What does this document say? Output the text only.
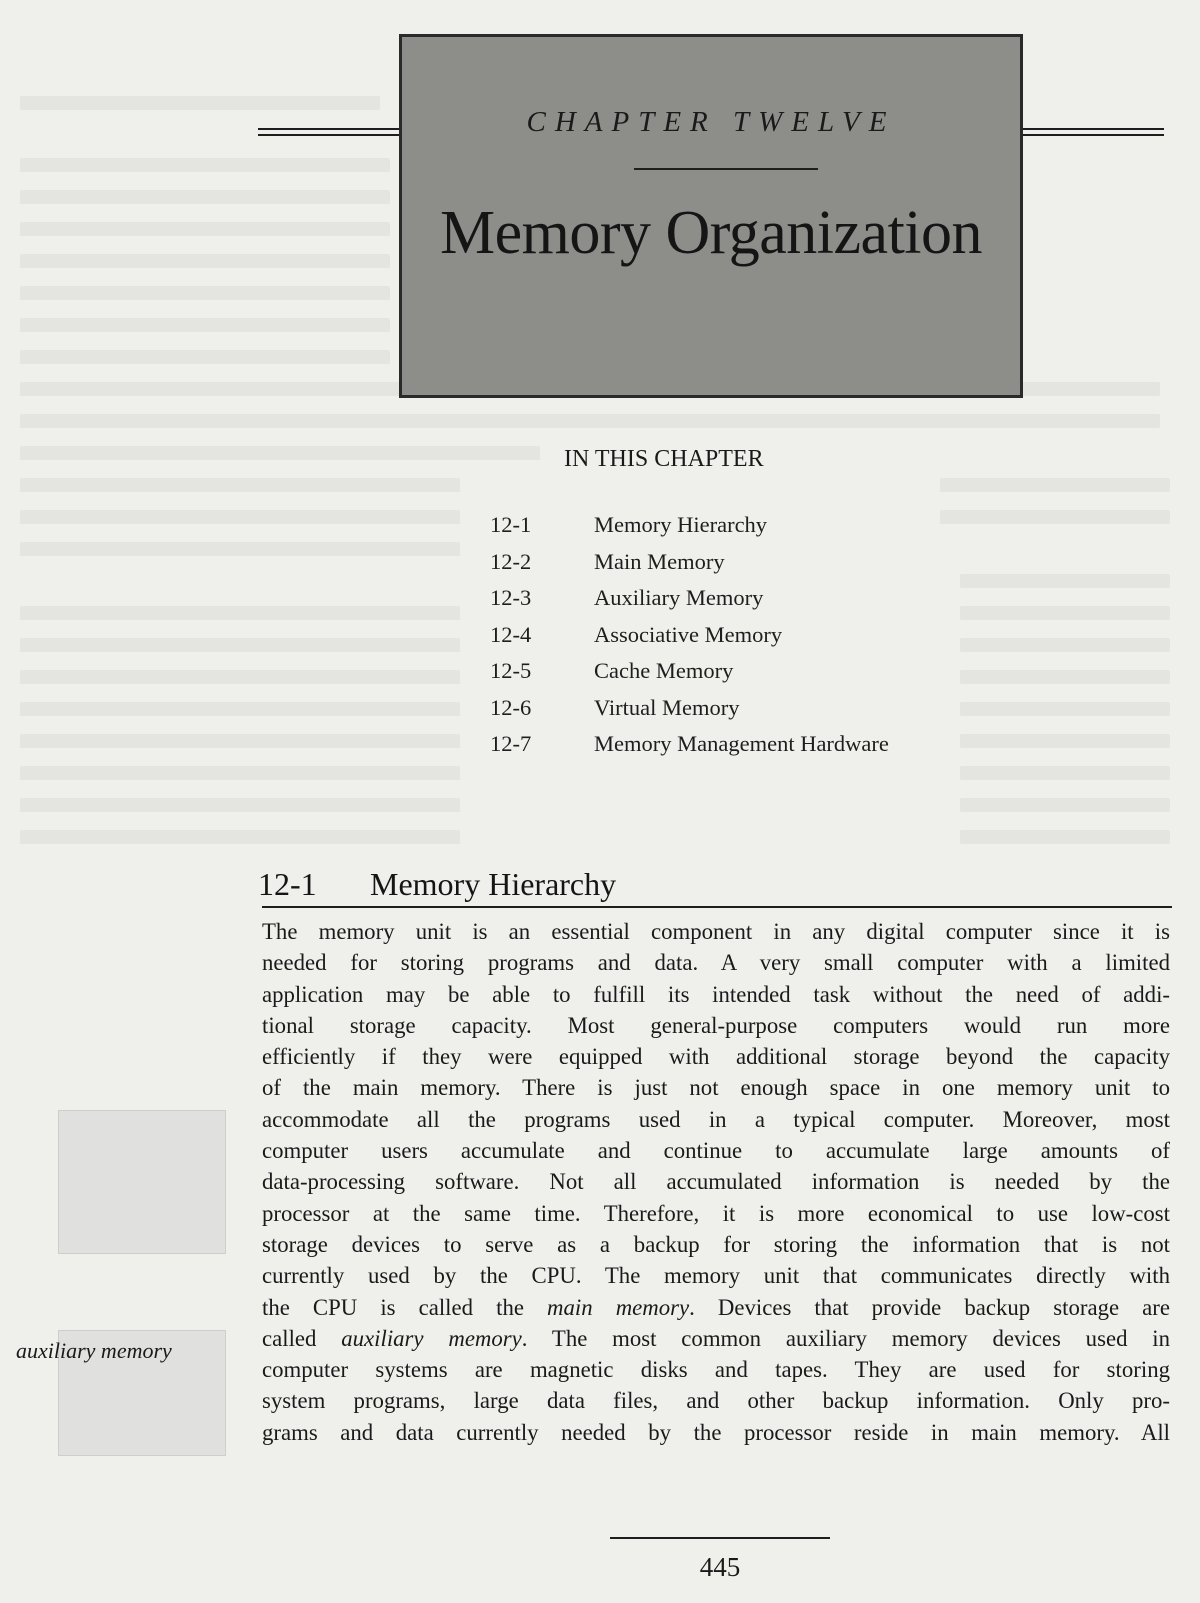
CHAPTER TWELVE
Memory Organization
IN THIS CHAPTER
12-1	Memory Hierarchy
12-2	Main Memory
12-3	Auxiliary Memory
12-4	Associative Memory
12-5	Cache Memory
12-6	Virtual Memory
12-7	Memory Management Hardware
12-1 Memory Hierarchy
The memory unit is an essential component in any digital computer since it is
needed for storing programs and data. A very small computer with a limited
application may be able to fulfill its intended task without the need of addi-
tional storage capacity. Most general-purpose computers would run more
efficiently if they were equipped with additional storage beyond the capacity
of the main memory. There is just not enough space in one memory unit to
accommodate all the programs used in a typical computer. Moreover, most
computer users accumulate and continue to accumulate large amounts of
data-processing software. Not all accumulated information is needed by the
processor at the same time. Therefore, it is more economical to use low-cost
storage devices to serve as a backup for storing the information that is not
currently used by the CPU. The memory unit that communicates directly with
the CPU is called the main memory. Devices that provide backup storage are
called auxiliary memory. The most common auxiliary memory devices used in
computer systems are magnetic disks and tapes. They are used for storing
system programs, large data files, and other backup information. Only pro-
grams and data currently needed by the processor reside in main memory. All
auxiliary memory
445
